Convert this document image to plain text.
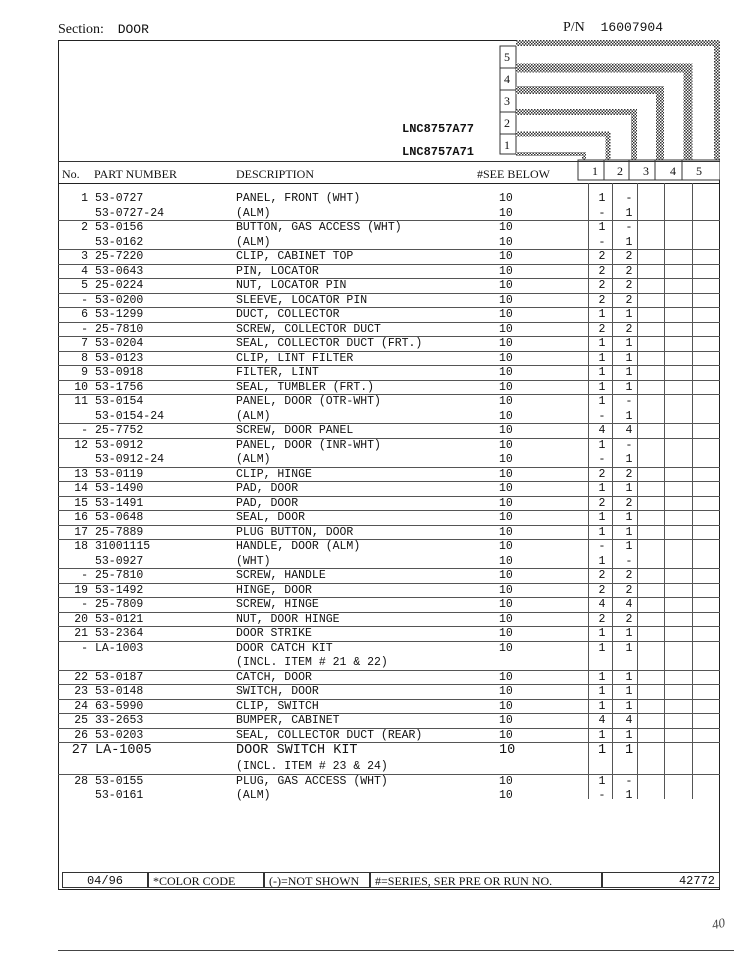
Section: DOOR	P/N 16007904
LNC8757A77
LNC8757A71
5
4
3
2
1
1 2 3 4 5
No. PART NUMBER	DESCRIPTION	#SEE BELOW
1 53-0727	PANEL, FRONT (WHT)	10	1 -
53-0727-24	(ALM)	10	- 1
2 53-0156	BUTTON, GAS ACCESS (WHT)	10	1 -
53-0162	(ALM)	10	- 1
3 25-7220	CLIP, CABINET TOP	10	2 2
4 53-0643	PIN, LOCATOR	10	2 2
5 25-0224	NUT, LOCATOR PIN	10	2 2
- 53-0200	SLEEVE, LOCATOR PIN	10	2 2
6 53-1299	DUCT, COLLECTOR	10	1 1
- 25-7810	SCREW, COLLECTOR DUCT	10	2 2
7 53-0204	SEAL, COLLECTOR DUCT (FRT.)	10	1 1
8 53-0123	CLIP, LINT FILTER	10	1 1
9 53-0918	FILTER, LINT	10	1 1
10 53-1756	SEAL, TUMBLER (FRT.)	10	1 1
11 53-0154	PANEL, DOOR (OTR-WHT)	10	1 -
53-0154-24	(ALM)	10	- 1
- 25-7752	SCREW, DOOR PANEL	10	4 4
12 53-0912	PANEL, DOOR (INR-WHT)	10	1 -
53-0912-24	(ALM)	10	- 1
13 53-0119	CLIP, HINGE	10	2 2
14 53-1490	PAD, DOOR	10	1 1
15 53-1491	PAD, DOOR	10	2 2
16 53-0648	SEAL, DOOR	10	1 1
17 25-7889	PLUG BUTTON, DOOR	10	1 1
18 31001115	HANDLE, DOOR (ALM)	10	- 1
53-0927	(WHT)	10	1 -
- 25-7810	SCREW, HANDLE	10	2 2
19 53-1492	HINGE, DOOR	10	2 2
- 25-7809	SCREW, HINGE	10	4 4
20 53-0121	NUT, DOOR HINGE	10	2 2
21 53-2364	DOOR STRIKE	10	1 1
- LA-1003	DOOR CATCH KIT	10	1 1
(INCL. ITEM # 21 & 22)
22 53-0187	CATCH, DOOR	10	1 1
23 53-0148	SWITCH, DOOR	10	1 1
24 63-5990	CLIP, SWITCH	10	1 1
25 33-2653	BUMPER, CABINET	10	4 4
26 53-0203	SEAL, COLLECTOR DUCT (REAR)	10	1 1
27 LA-1005	DOOR SWITCH KIT	10	1 1
(INCL. ITEM # 23 & 24)
28 53-0155	PLUG, GAS ACCESS (WHT)	10	1 -
53-0161	(ALM)	10	- 1
04/96	*COLOR CODE	(-)=NOT SHOWN	#=SERIES, SER PRE OR RUN NO.	42772
40
